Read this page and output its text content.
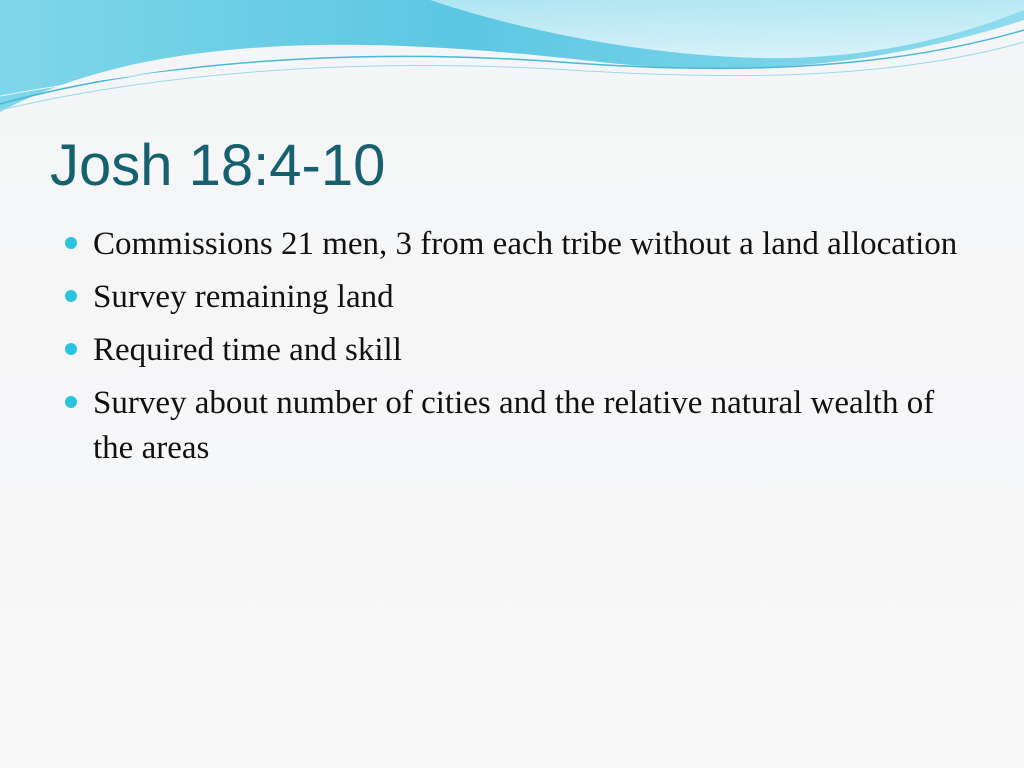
Josh 18:4-10
Commissions 21 men, 3 from each tribe without a land allocation
Survey remaining land
Required time and skill
Survey about number of cities and the relative natural wealth of the areas
